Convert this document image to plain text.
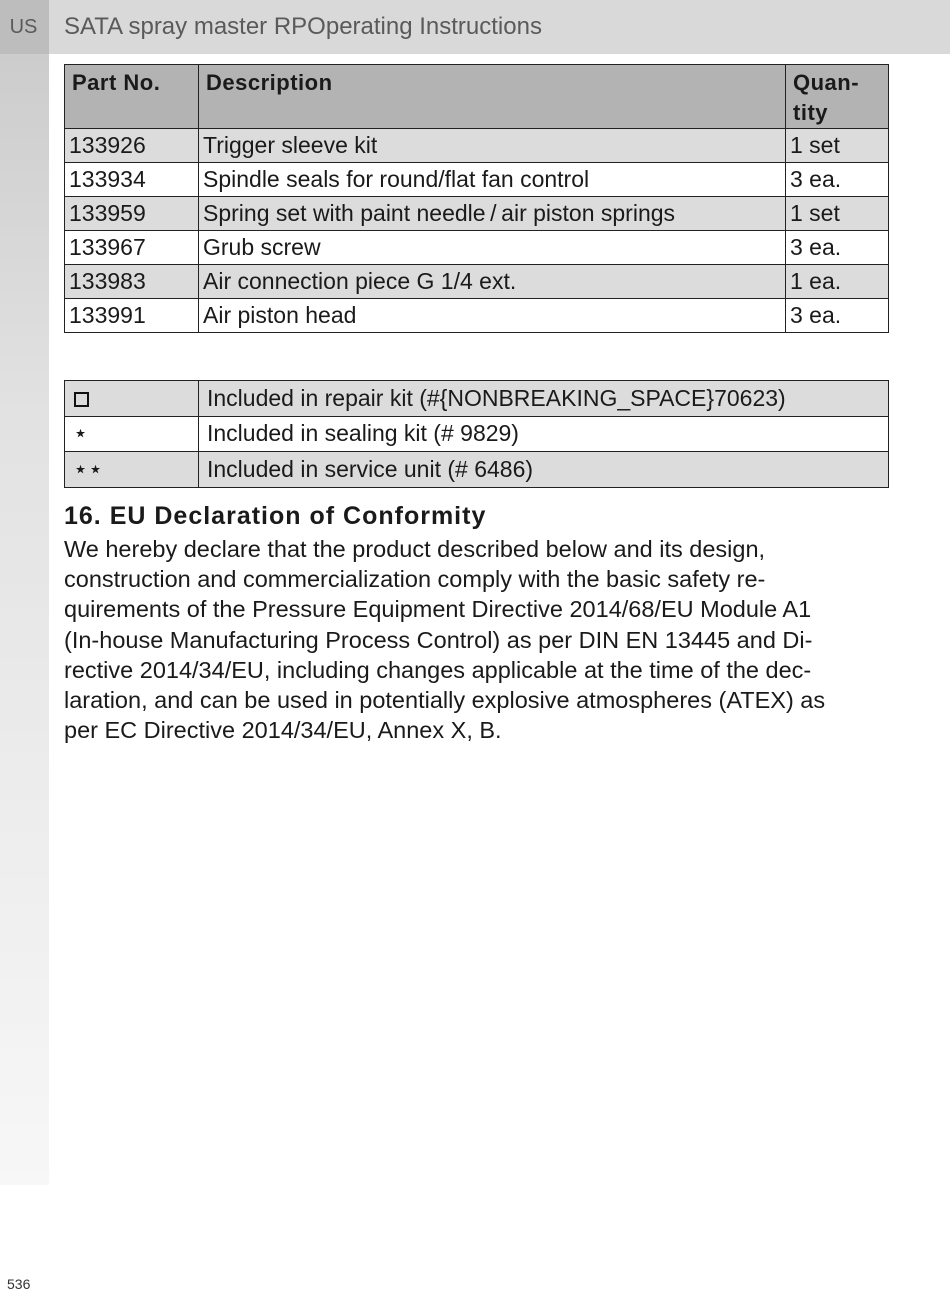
US	SATA spray master RPOperating Instructions
Part No.	Description	Quan-
tity
133926	Trigger sleeve kit	1 set
133934	Spindle seals for round/flat fan control	3 ea.
133959	Spring set with paint needle / air piston springs	1 set
133967	Grub screw	3 ea.
133983	Air connection piece G 1/4 ext.	1 ea.
133991	Air piston head	3 ea.
	Included in repair kit (#{NONBREAKING_SPACE}70623)
⋆	Included in sealing kit (# 9829)
⋆⋆	Included in service unit (# 6486)
16. EU Declaration of Conformity
We hereby declare that the product described below and its design,
construction and commercialization comply with the basic safety re-
quirements of the Pressure Equipment Directive 2014/68/EU Module A1
(In-house Manufacturing Process Control) as per DIN EN 13445 and Di-
rective 2014/34/EU, including changes applicable at the time of the dec-
laration, and can be used in potentially explosive atmospheres (ATEX) as
per EC Directive 2014/34/EU, Annex X, B.
536
